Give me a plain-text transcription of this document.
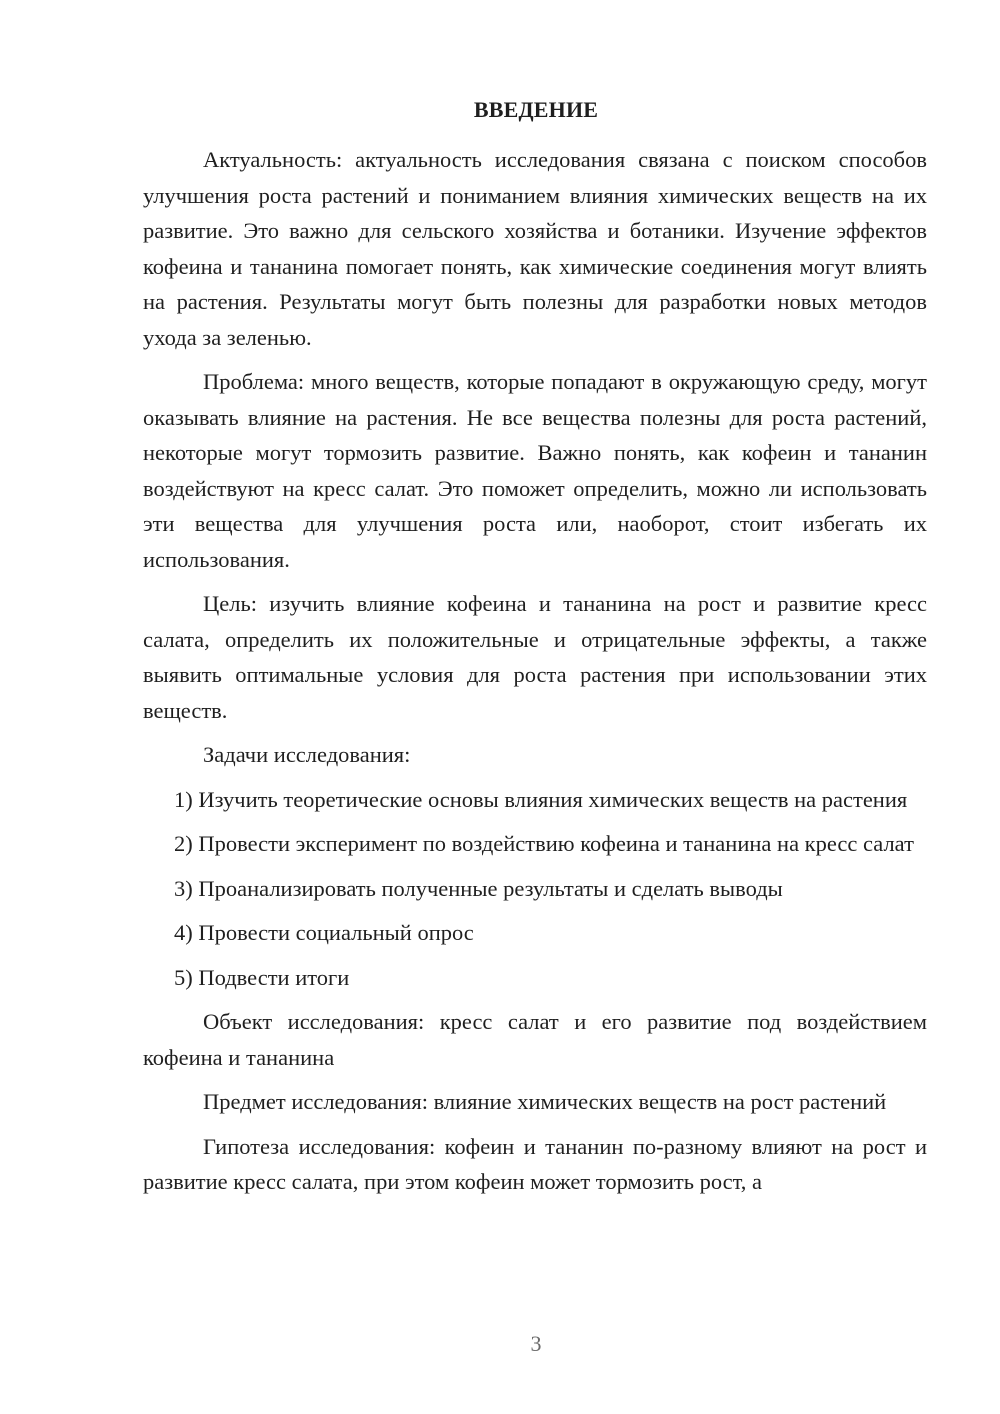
ВВЕДЕНИЕ

Актуальность: актуальность исследования связана с поиском способов улучшения роста растений и пониманием влияния химических веществ на их развитие. Это важно для сельского хозяйства и ботаники. Изучение эффектов кофеина и тананина помогает понять, как химические соединения могут влиять на растения. Результаты могут быть полезны для разработки новых методов ухода за зеленью.

Проблема: много веществ, которые попадают в окружающую среду, могут оказывать влияние на растения. Не все вещества полезны для роста растений, некоторые могут тормозить развитие. Важно понять, как кофеин и тананин воздействуют на кресс салат. Это поможет определить, можно ли использовать эти вещества для улучшения роста или, наоборот, стоит избегать их использования.

Цель: изучить влияние кофеина и тананина на рост и развитие кресс салата, определить их положительные и отрицательные эффекты, а также выявить оптимальные условия для роста растения при использовании этих веществ.

Задачи исследования:

1) Изучить теоретические основы влияния химических веществ на растения

2) Провести эксперимент по воздействию кофеина и тананина на кресс салат

3) Проанализировать полученные результаты и сделать выводы

4) Провести социальный опрос

5) Подвести итоги

Объект исследования: кресс салат и его развитие под воздействием кофеина и тананина

Предмет исследования: влияние химических веществ на рост растений

Гипотеза исследования: кофеин и тананин по-разному влияют на рост и развитие кресс салата, при этом кофеин может тормозить рост, а

3
